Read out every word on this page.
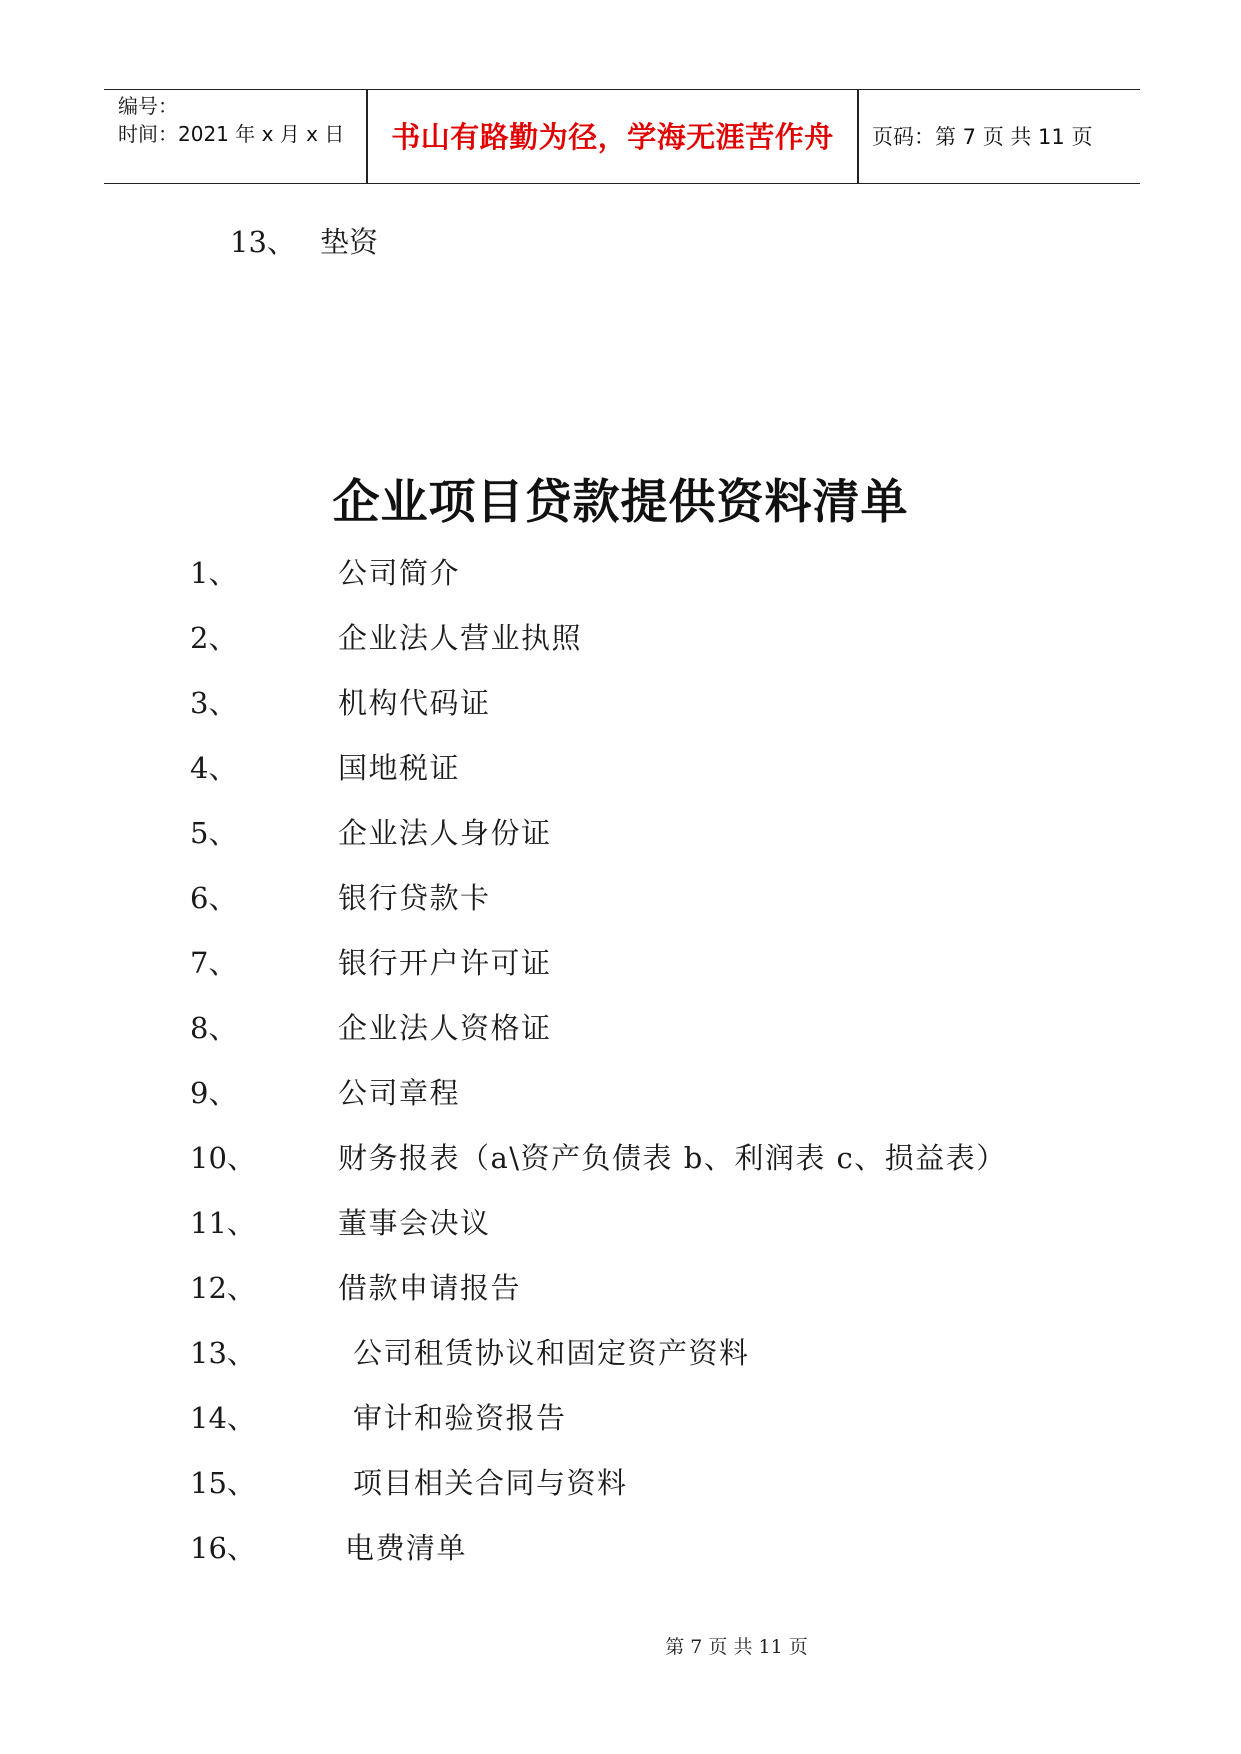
编号：
时间：2021 年 x 月 x 日	书山有路勤为径，学海无涯苦作舟	页码：第 7 页 共 11 页
13、 垫资
企业项目贷款提供资料清单
1、	公司简介
2、	企业法人营业执照
3、	机构代码证
4、	国地税证
5、	企业法人身份证
6、	银行贷款卡
7、	银行开户许可证
8、	企业法人资格证
9、	公司章程
10、	财务报表（a\资产负债表 b、利润表 c、损益表）
11、	董事会决议
12、	借款申请报告
13、	公司租赁协议和固定资产资料
14、	审计和验资报告
15、	项目相关合同与资料
16、	电费清单
第 7 页 共 11 页
